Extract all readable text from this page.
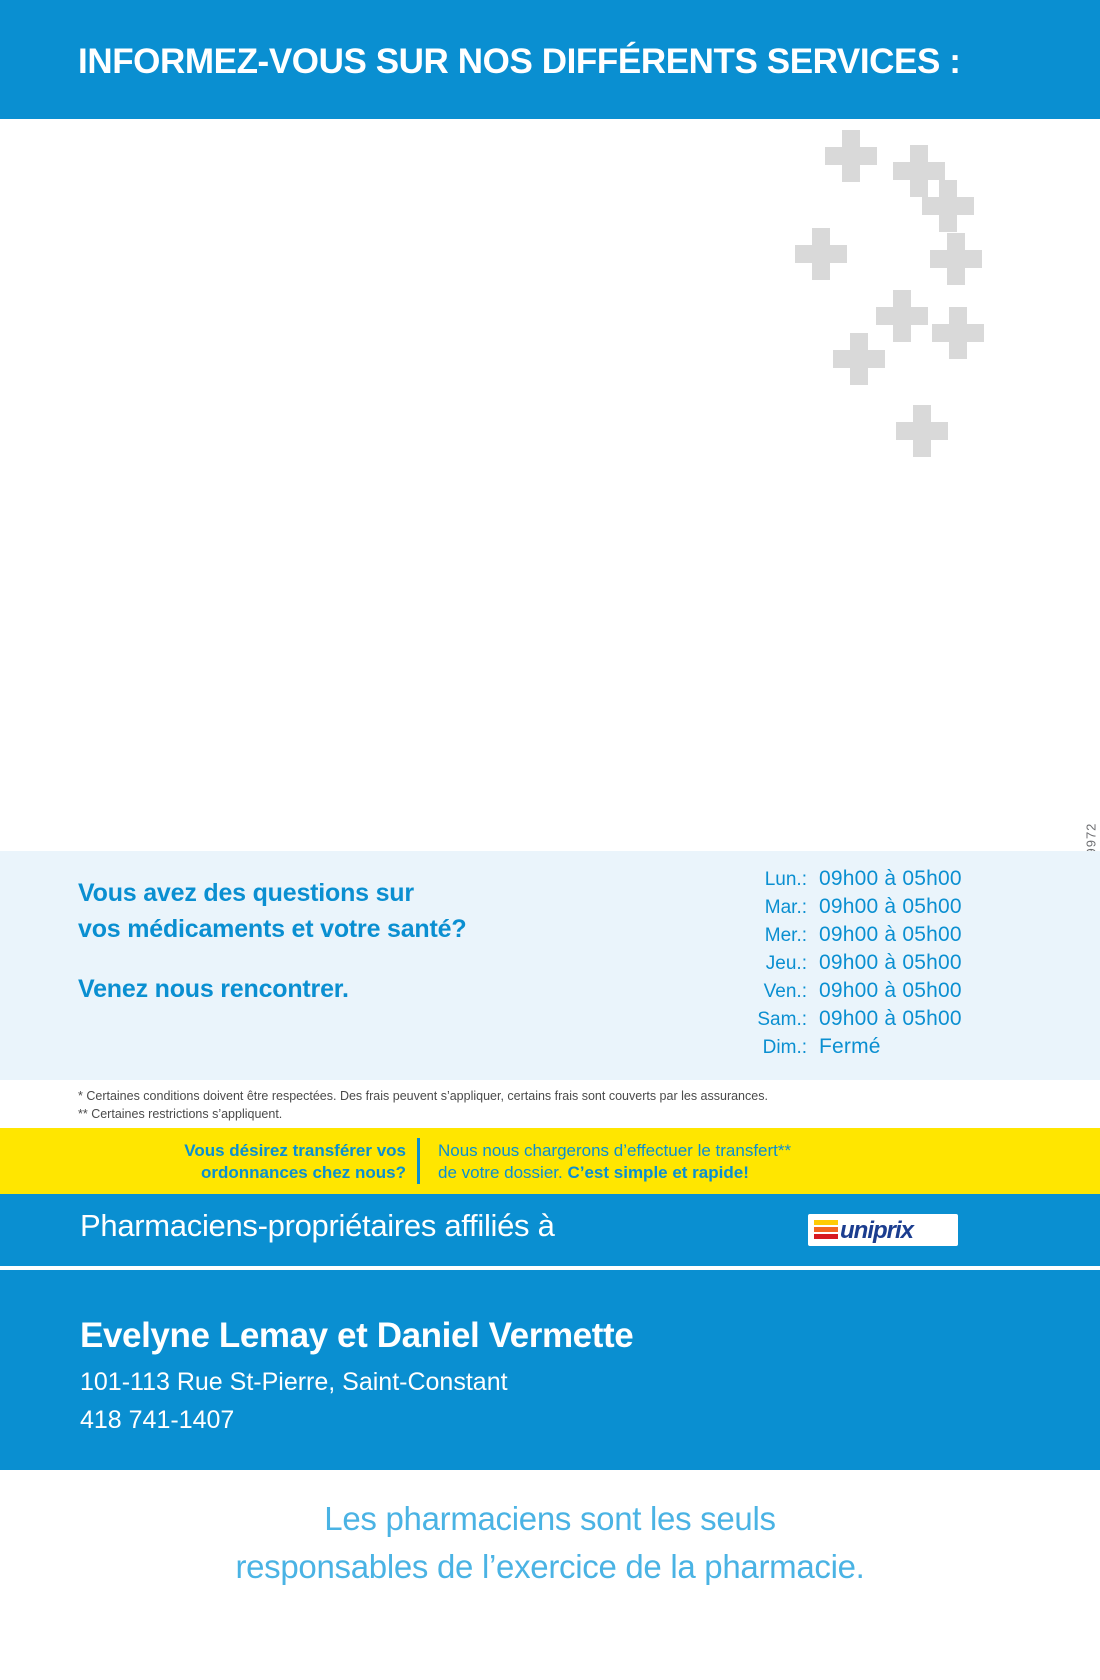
INFORMEZ-VOUS SUR NOS DIFFÉRENTS SERVICES :
Vous avez des questions sur
vos médicaments et votre santé?
Venez nous rencontrer.
Lun.: 09h00 à 05h00
Mar.: 09h00 à 05h00
Mer.: 09h00 à 05h00
Jeu.: 09h00 à 05h00
Ven.: 09h00 à 05h00
Sam.: 09h00 à 05h00
Dim.: Fermé
* Certaines conditions doivent être respectées. Des frais peuvent s’appliquer, certains frais sont couverts par les assurances.
** Certaines restrictions s’appliquent.
Vous désirez transférer vos
ordonnances chez nous?
Nous nous chargerons d’effectuer le transfert**
de votre dossier. C’est simple et rapide!
Pharmaciens-propriétaires affiliés à	uniprix
Evelyne Lemay et Daniel Vermette
101-113 Rue St-Pierre, Saint-Constant
418 741-1407
Les pharmaciens sont les seuls
responsables de l’exercice de la pharmacie.
